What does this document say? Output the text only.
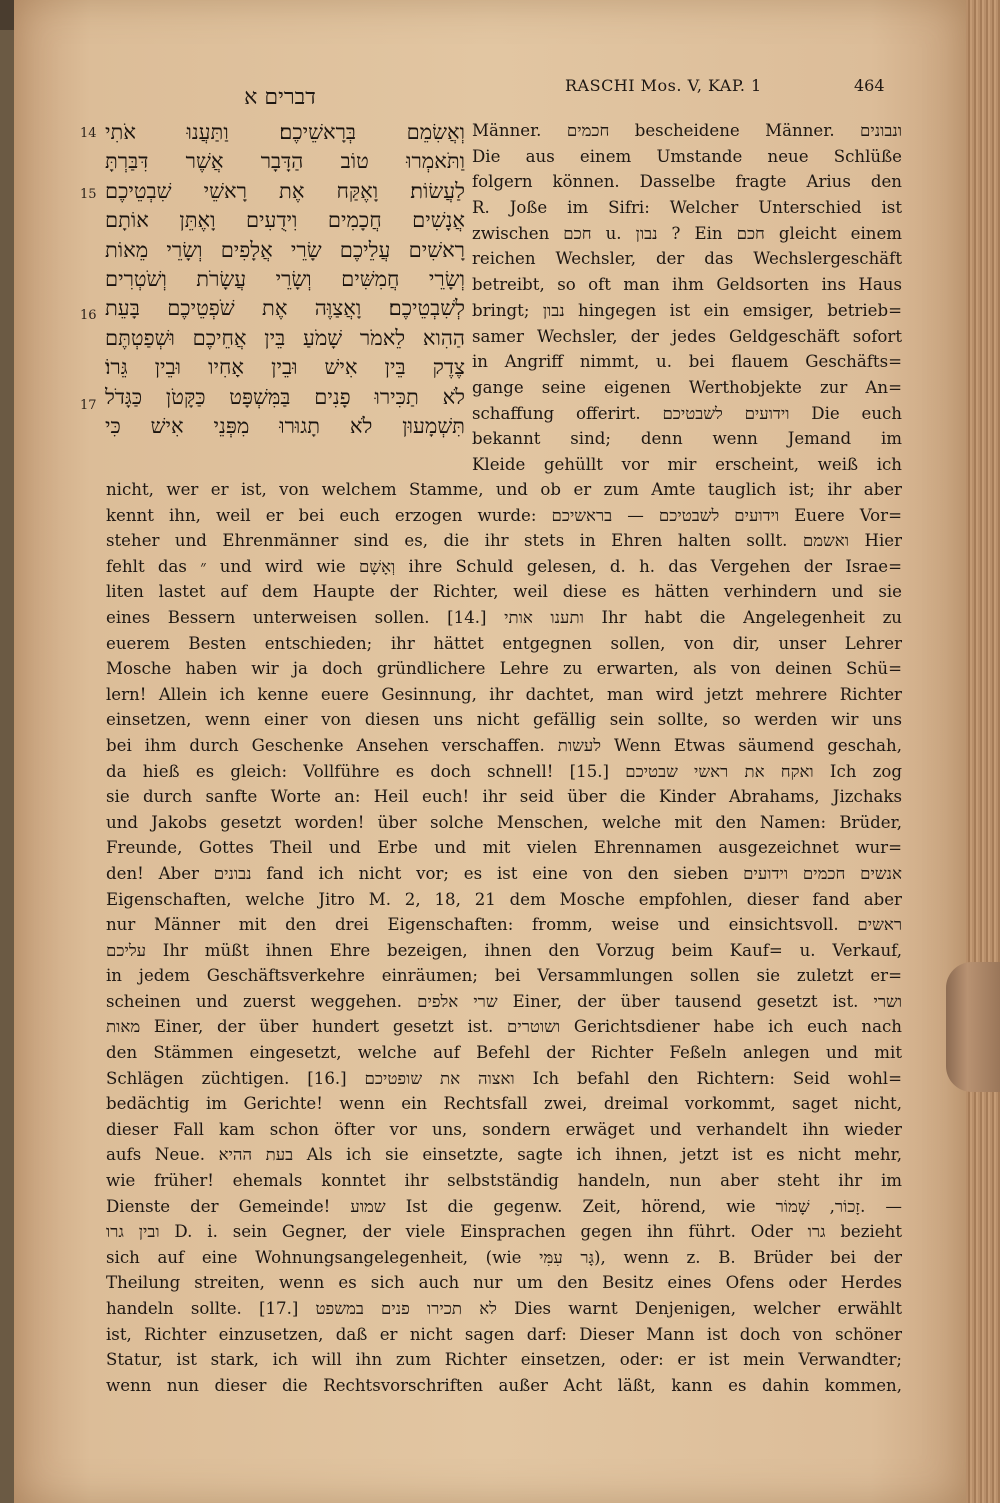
דברים א	RASCHI Mos. V, KAP. 1	464
14
15
16
17
וְאֲשִׂמֵם בְּרָאשֵׁיכֶם׃ וַתַּעֲנוּ אֹתִי
וַתֹּאמְרוּ טוֹב הַדָּבָר אֲשֶׁר דִּבַּרְתָּ
לַעֲשׂוֹת׃ וָאֶקַּח אֶת רָאשֵׁי שִׁבְטֵיכֶם
אֲנָשִׁים חֲכָמִים וִידֻעִים וָאֶתֵּן אוֹתָם
רָאשִׁים עֲלֵיכֶם שָׂרֵי אֲלָפִים וְשָׂרֵי מֵאוֹת
וְשָׂרֵי חֲמִשִּׁים וְשָׂרֵי עֲשָׂרֹת וְשֹׁטְרִים
לְשִׁבְטֵיכֶם׃ וָאֲצַוֶּה אֶת שֹׁפְטֵיכֶם בָּעֵת
הַהִוא לֵאמֹר שָׁמֹעַ בֵּין אֲחֵיכֶם וּשְׁפַטְתֶּם
צֶדֶק בֵּין אִישׁ וּבֵין אָחִיו וּבֵין גֵּרוֹ׃
לֹא תַכִּירוּ פָנִים בַּמִּשְׁפָּט כַּקָּטֹן כַּגָּדֹל
תִּשְׁמָעוּן לֹא תָגוּרוּ מִפְּנֵי אִישׁ כִּי
Männer. חכמים bescheidene Männer. ונבונים
Die aus einem Umstande neue Schlüße
folgern können. Dasselbe fragte Arius den
R. Joße im Sifri: Welcher Unterschied ist
zwischen חכם u. נבון ? Ein חכם gleicht einem
reichen Wechsler, der das Wechslergeschäft
betreibt, so oft man ihm Geldsorten ins Haus
bringt; נבון hingegen ist ein emsiger, betrieb=
samer Wechsler, der jedes Geldgeschäft sofort
in Angriff nimmt, u. bei flauem Geschäfts=
gange seine eigenen Werthobjekte zur An=
schaffung offerirt. וידועים לשבטיכם Die euch
bekannt sind; denn wenn Jemand im
Kleide gehüllt vor mir erscheint, weiß ich
nicht, wer er ist, von welchem Stamme, und ob er zum Amte tauglich ist; ihr aber
kennt ihn, weil er bei euch erzogen wurde: וידועים לשבטיכם — בראשיכם Euere Vor=
steher und Ehrenmänner sind es, die ihr stets in Ehren halten sollt. ואשמם Hier
fehlt das ״ und wird wie וְאָשָׁם ihre Schuld gelesen, d. h. das Vergehen der Israe=
liten lastet auf dem Haupte der Richter, weil diese es hätten verhindern und sie
eines Bessern unterweisen sollen. [14.] ותענו אותי Ihr habt die Angelegenheit zu
euerem Besten entschieden; ihr hättet entgegnen sollen, von dir, unser Lehrer
Mosche haben wir ja doch gründlichere Lehre zu erwarten, als von deinen Schü=
lern! Allein ich kenne euere Gesinnung, ihr dachtet, man wird jetzt mehrere Richter
einsetzen, wenn einer von diesen uns nicht gefällig sein sollte, so werden wir uns
bei ihm durch Geschenke Ansehen verschaffen. לעשות Wenn Etwas säumend geschah,
da hieß es gleich: Vollführe es doch schnell! [15.] ואקח את ראשי שבטיכם Ich zog
sie durch sanfte Worte an: Heil euch! ihr seid über die Kinder Abrahams, Jizchaks
und Jakobs gesetzt worden! über solche Menschen, welche mit den Namen: Brüder,
Freunde, Gottes Theil und Erbe und mit vielen Ehrennamen ausgezeichnet wur=
den! Aber נבונים fand ich nicht vor; es ist eine von den sieben אנשים חכמים וידועים
Eigenschaften, welche Jitro M. 2, 18, 21 dem Mosche empfohlen, dieser fand aber
nur Männer mit den drei Eigenschaften: fromm, weise und einsichtsvoll. ראשים
עליכם Ihr müßt ihnen Ehre bezeigen, ihnen den Vorzug beim Kauf= u. Verkauf,
in jedem Geschäftsverkehre einräumen; bei Versammlungen sollen sie zuletzt er=
scheinen und zuerst weggehen. שרי אלפים Einer, der über tausend gesetzt ist. ושרי
מאות Einer, der über hundert gesetzt ist. ושוטרים Gerichtsdiener habe ich euch nach
den Stämmen eingesetzt, welche auf Befehl der Richter Feßeln anlegen und mit
Schlägen züchtigen. [16.] ואצוה את שופטיכם Ich befahl den Richtern: Seid wohl=
bedächtig im Gerichte! wenn ein Rechtsfall zwei, dreimal vorkommt, saget nicht,
dieser Fall kam schon öfter vor uns, sondern erwäget und verhandelt ihn wieder
aufs Neue. בעת ההיא Als ich sie einsetzte, sagte ich ihnen, jetzt ist es nicht mehr,
wie früher! ehemals konntet ihr selbstständig handeln, nun aber steht ihr im
Dienste der Gemeinde! שמוע Ist die gegenw. Zeit, hörend, wie זָכוֹר, שָׁמוֹר. —
ובין גרו D. i. sein Gegner, der viele Einsprachen gegen ihn führt. Oder גרו bezieht
sich auf eine Wohnungsangelegenheit, (wie גָּר עִמִּי), wenn z. B. Brüder bei der
Theilung streiten, wenn es sich auch nur um den Besitz eines Ofens oder Herdes
handeln sollte. [17.] לא תכירו פנים במשפט Dies warnt Denjenigen, welcher erwählt
ist, Richter einzusetzen, daß er nicht sagen darf: Dieser Mann ist doch von schöner
Statur, ist stark, ich will ihn zum Richter einsetzen, oder: er ist mein Verwandter;
wenn nun dieser die Rechtsvorschriften außer Acht läßt, kann es dahin kommen,
